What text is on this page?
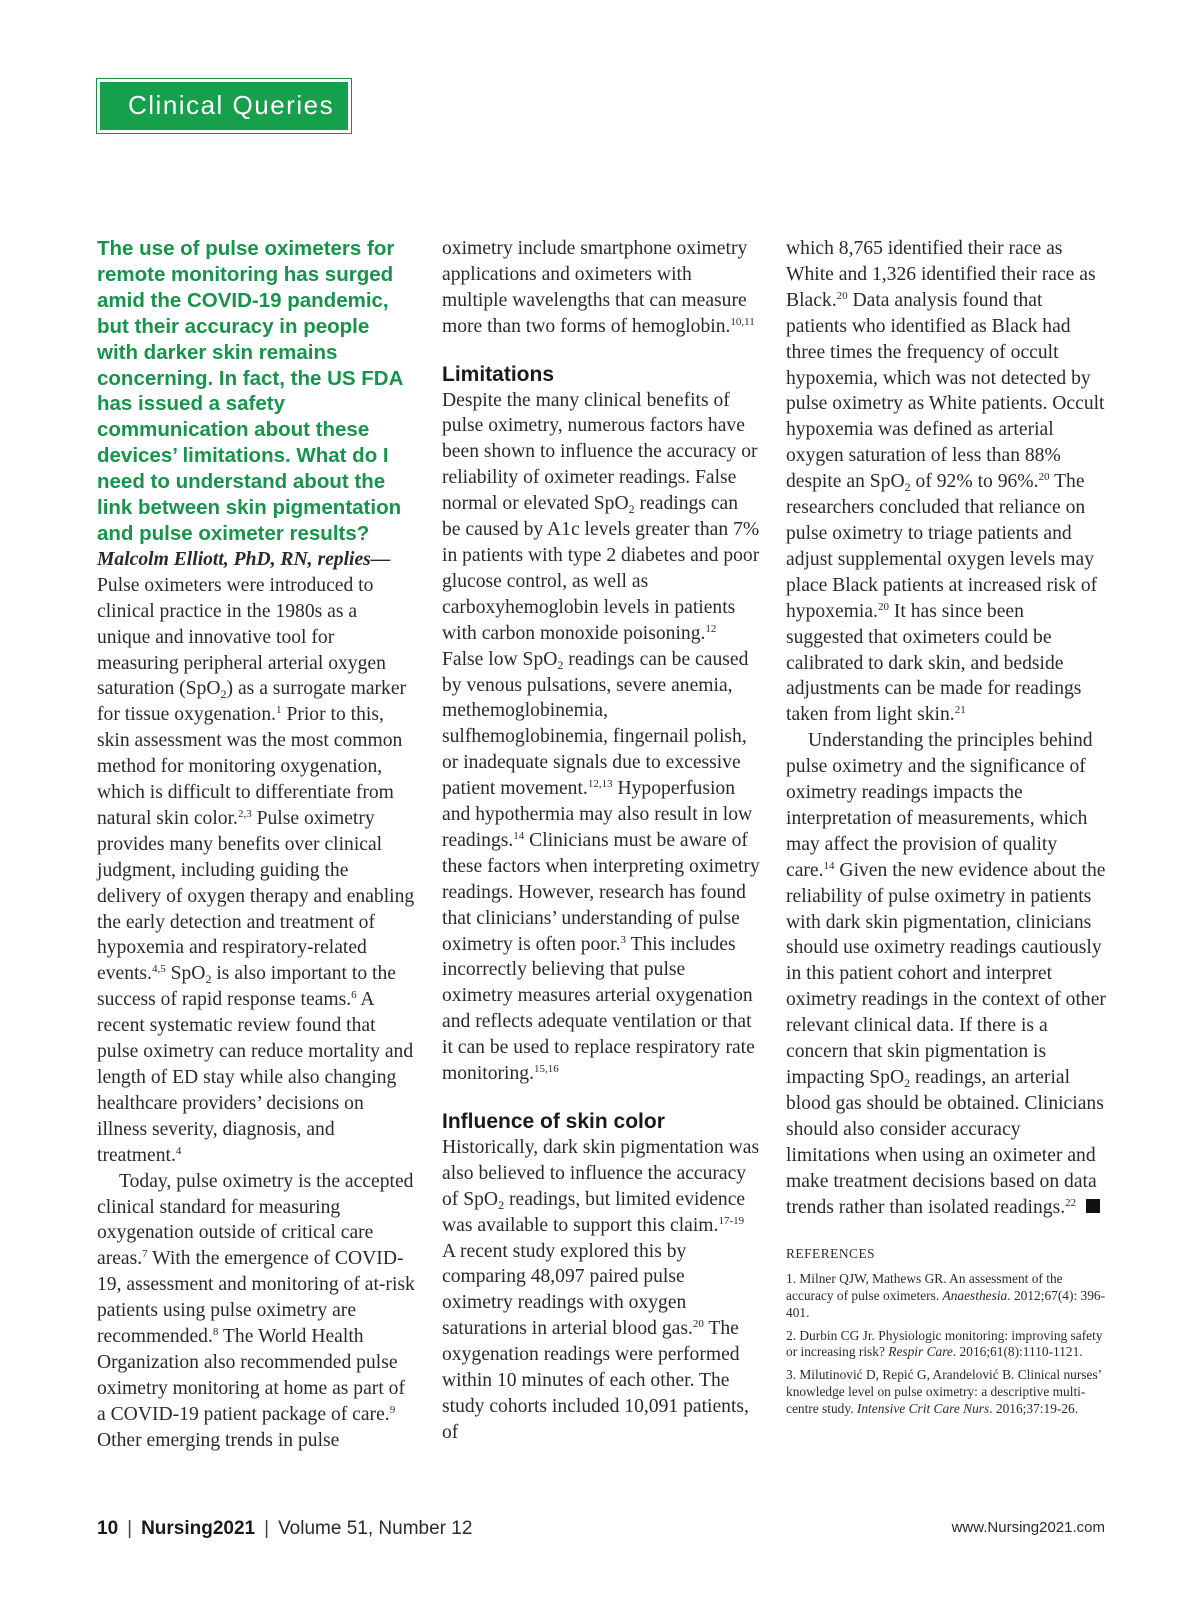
Clinical Queries

The use of pulse oximeters for remote monitoring has surged amid the COVID-19 pandemic, but their accuracy in people with darker skin remains concerning. In fact, the US FDA has issued a safety communication about these devices’ limitations. What do I need to understand about the link between skin pigmentation and pulse oximeter results?

Malcolm Elliott, PhD, RN, replies— Pulse oximeters were introduced to clinical practice in the 1980s as a unique and innovative tool for measuring peripheral arterial oxygen saturation (SpO$_2$) as a surrogate marker for tissue oxygenation.$^1$ Prior to this, skin assessment was the most common method for monitoring oxygenation, which is difficult to differentiate from natural skin color.$^{2,3}$ Pulse oximetry provides many benefits over clinical judgment, including guiding the delivery of oxygen therapy and enabling the early detection and treatment of hypoxemia and respiratory-related events.$^{4,5}$ SpO$_2$ is also important to the success of rapid response teams.$^6$ A recent systematic review found that pulse oximetry can reduce mortality and length of ED stay while also changing healthcare providers’ decisions on illness severity, diagnosis, and treatment.$^4$

Today, pulse oximetry is the accepted clinical standard for measuring oxygenation outside of critical care areas.$^7$ With the emergence of COVID-19, assessment and monitoring of at-risk patients using pulse oximetry are recommended.$^8$ The World Health Organization also recommended pulse oximetry monitoring at home as part of a COVID-19 patient package of care.$^9$ Other emerging trends in pulse

oximetry include smartphone oximetry applications and oximeters with multiple wavelengths that can measure more than two forms of hemoglobin.$^{10,11}$

Limitations

Despite the many clinical benefits of pulse oximetry, numerous factors have been shown to influence the accuracy or reliability of oximeter readings. False normal or elevated SpO$_2$ readings can be caused by A1c levels greater than 7% in patients with type 2 diabetes and poor glucose control, as well as carboxyhemoglobin levels in patients with carbon monoxide poisoning.$^{12}$ False low SpO$_2$ readings can be caused by venous pulsations, severe anemia, methemoglobinemia, sulfhemoglobinemia, fingernail polish, or inadequate signals due to excessive patient movement.$^{12,13}$ Hypoperfusion and hypothermia may also result in low readings.$^{14}$ Clinicians must be aware of these factors when interpreting oximetry readings. However, research has found that clinicians’ understanding of pulse oximetry is often poor.$^3$ This includes incorrectly believing that pulse oximetry measures arterial oxygenation and reflects adequate ventilation or that it can be used to replace respiratory rate monitoring.$^{15,16}$

Influence of skin color

Historically, dark skin pigmentation was also believed to influence the accuracy of SpO$_2$ readings, but limited evidence was available to support this claim.$^{17-19}$ A recent study explored this by comparing 48,097 paired pulse oximetry readings with oxygen saturations in arterial blood gas.$^{20}$ The oxygenation readings were performed within 10 minutes of each other. The study cohorts included 10,091 patients, of

which 8,765 identified their race as White and 1,326 identified their race as Black.$^{20}$ Data analysis found that patients who identified as Black had three times the frequency of occult hypoxemia, which was not detected by pulse oximetry as White patients. Occult hypoxemia was defined as arterial oxygen saturation of less than 88% despite an SpO$_2$ of 92% to 96%.$^{20}$ The researchers concluded that reliance on pulse oximetry to triage patients and adjust supplemental oxygen levels may place Black patients at increased risk of hypoxemia.$^{20}$ It has since been suggested that oximeters could be calibrated to dark skin, and bedside adjustments can be made for readings taken from light skin.$^{21}$

Understanding the principles behind pulse oximetry and the significance of oximetry readings impacts the interpretation of measurements, which may affect the provision of quality care.$^{14}$ Given the new evidence about the reliability of pulse oximetry in patients with dark skin pigmentation, clinicians should use oximetry readings cautiously in this patient cohort and interpret oximetry readings in the context of other relevant clinical data. If there is a concern that skin pigmentation is impacting SpO$_2$ readings, an arterial blood gas should be obtained. Clinicians should also consider accuracy limitations when using an oximeter and make treatment decisions based on data trends rather than isolated readings.$^{22}$

REFERENCES
1. Milner QJW, Mathews GR. An assessment of the accuracy of pulse oximeters. Anaesthesia. 2012;67(4): 396-401.
2. Durbin CG Jr. Physiologic monitoring: improving safety or increasing risk? Respir Care. 2016;61(8):1110-1121.
3. Milutinović D, Repić G, Arandelović B. Clinical nurses’ knowledge level on pulse oximetry: a descriptive multi-centre study. Intensive Crit Care Nurs. 2016;37:19-26.
10 | Nursing2021 | Volume 51, Number 12	www.Nursing2021.com
